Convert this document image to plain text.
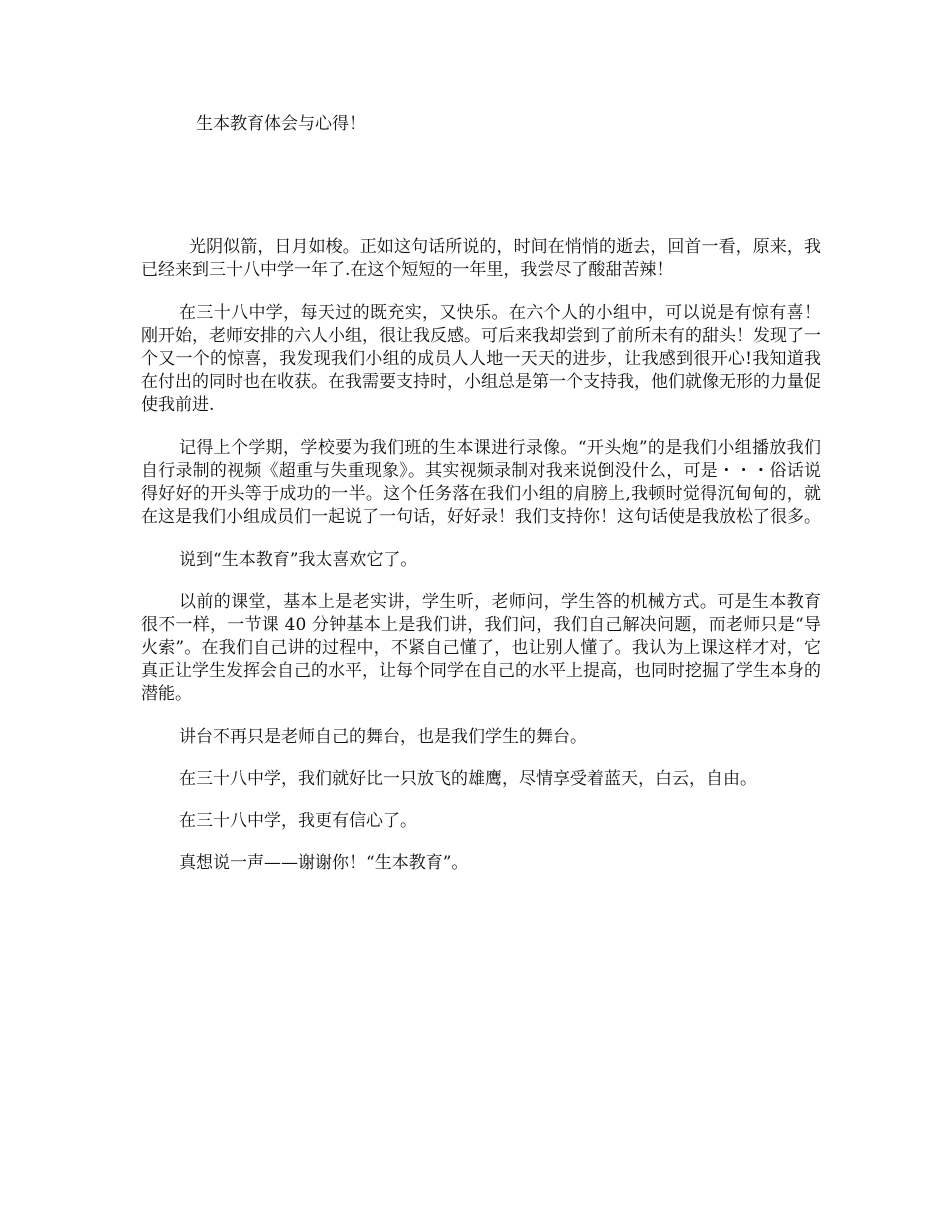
生本教育体会与心得！

光阴似箭，日月如梭。正如这句话所说的，时间在悄悄的逝去，回首一看，原来，我已经来到三十八中学一年了.在这个短短的一年里，我尝尽了酸甜苦辣！

在三十八中学，每天过的既充实，又快乐。在六个人的小组中，可以说是有惊有喜！刚开始，老师安排的六人小组，很让我反感。可后来我却尝到了前所未有的甜头！发现了一个又一个的惊喜，我发现我们小组的成员人人地一天天的进步，让我感到很开心!我知道我在付出的同时也在收获。在我需要支持时，小组总是第一个支持我，他们就像无形的力量促使我前进.

记得上个学期，学校要为我们班的生本课进行录像。“开头炮”的是我们小组播放我们自行录制的视频《超重与失重现象》。其实视频录制对我来说倒没什么，可是・・・俗话说得好好的开头等于成功的一半。这个任务落在我们小组的肩膀上,我顿时觉得沉甸甸的，就在这是我们小组成员们一起说了一句话，好好录！我们支持你！这句话使是我放松了很多。

说到“生本教育”我太喜欢它了。

以前的课堂，基本上是老实讲，学生听，老师问，学生答的机械方式。可是生本教育很不一样，一节课 40 分钟基本上是我们讲，我们问，我们自己解决问题，而老师只是“导火索”。在我们自己讲的过程中，不紧自己懂了，也让别人懂了。我认为上课这样才对，它真正让学生发挥会自己的水平，让每个同学在自己的水平上提高，也同时挖掘了学生本身的潜能。

讲台不再只是老师自己的舞台，也是我们学生的舞台。

在三十八中学，我们就好比一只放飞的雄鹰，尽情享受着蓝天，白云，自由。

在三十八中学，我更有信心了。

真想说一声——谢谢你！“生本教育”。
